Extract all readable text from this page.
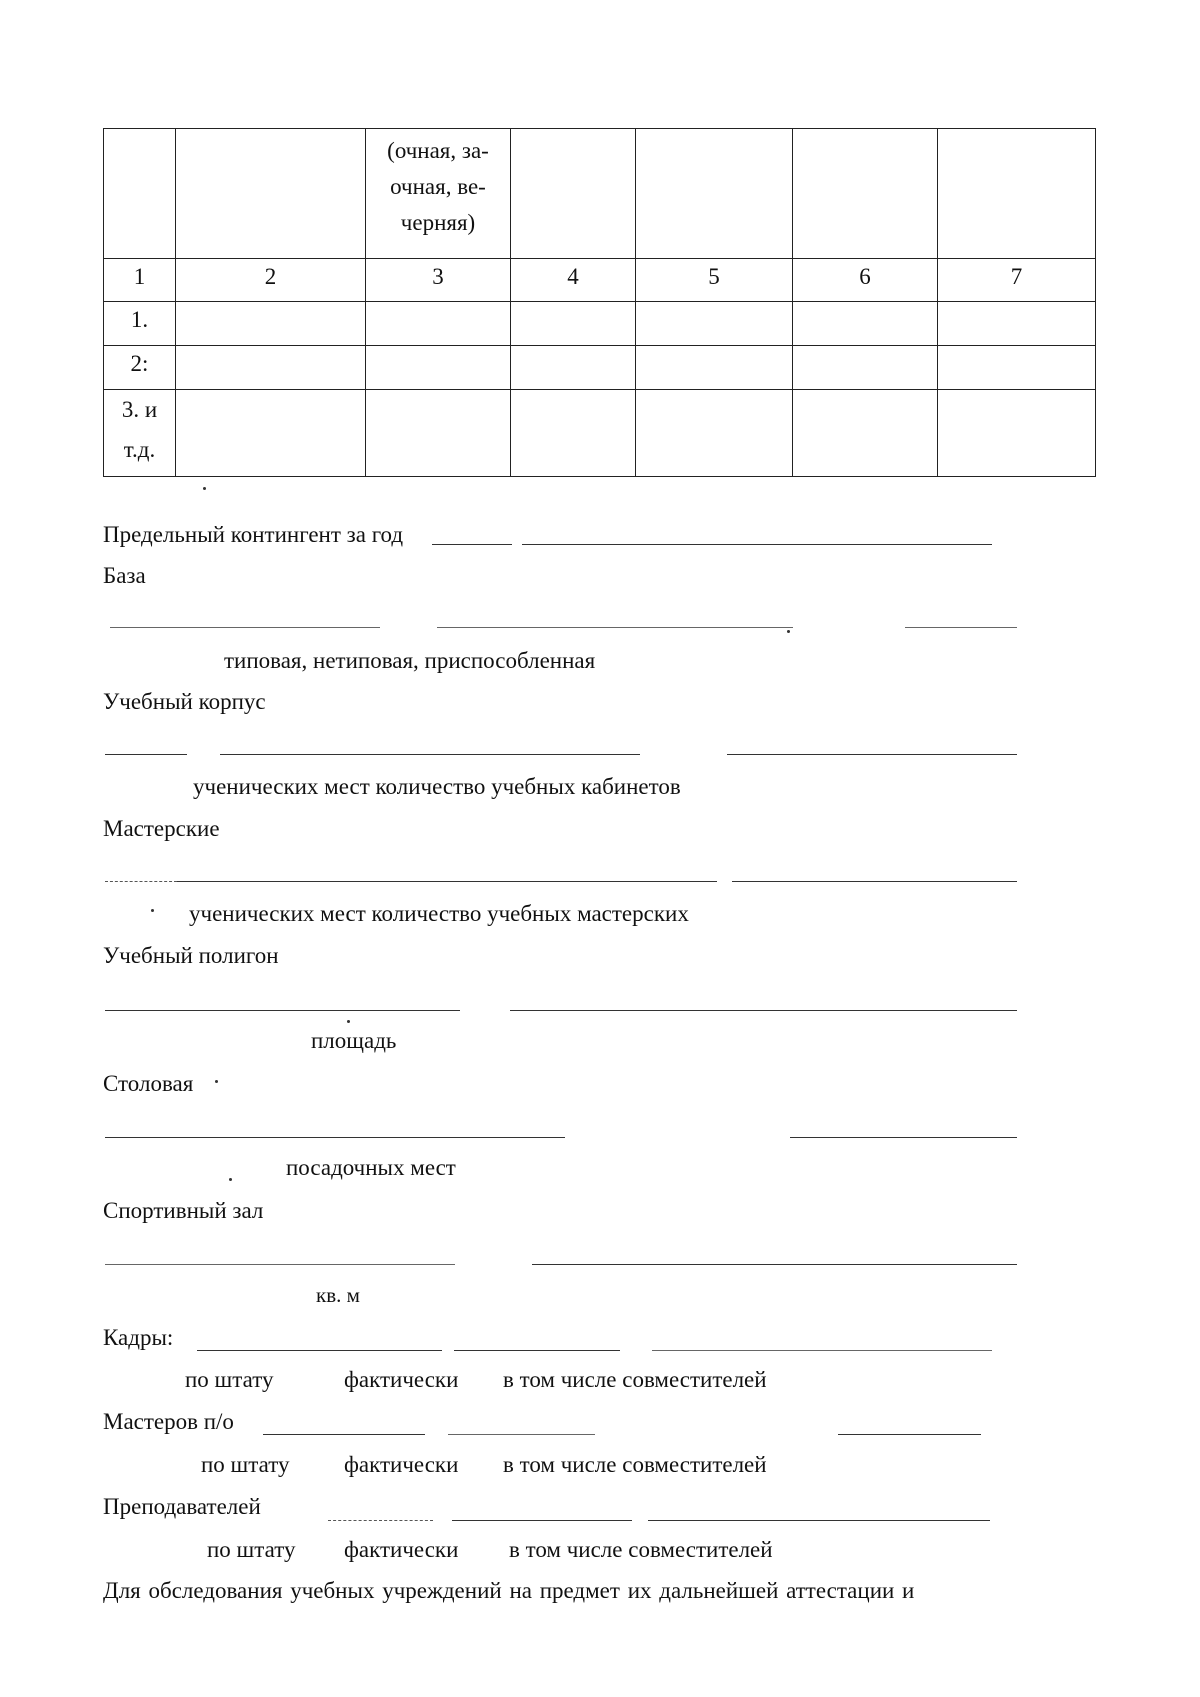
		(очная, за-
очная, ве-
черняя)				

1	2	3	4	5	6	7
1.						
2:						

3. и
т.д.						

Предельный контингент за год
База
типовая, нетиповая, приспособленная
Учебный корпус
ученических мест количество учебных кабинетов
Мастерские
ученических мест количество учебных мастерских
Учебный полигон
площадь
Столовая
посадочных мест
Спортивный зал
кв. м
Кадры:
по штату	фактически в том числе совместителей
Мастеров п/о
по штату фактически в том числе совместителей
Преподавателей
по штату фактически в том числе совместителей
Для обследования учебных учреждений на предмет их дальнейшей аттестации и
